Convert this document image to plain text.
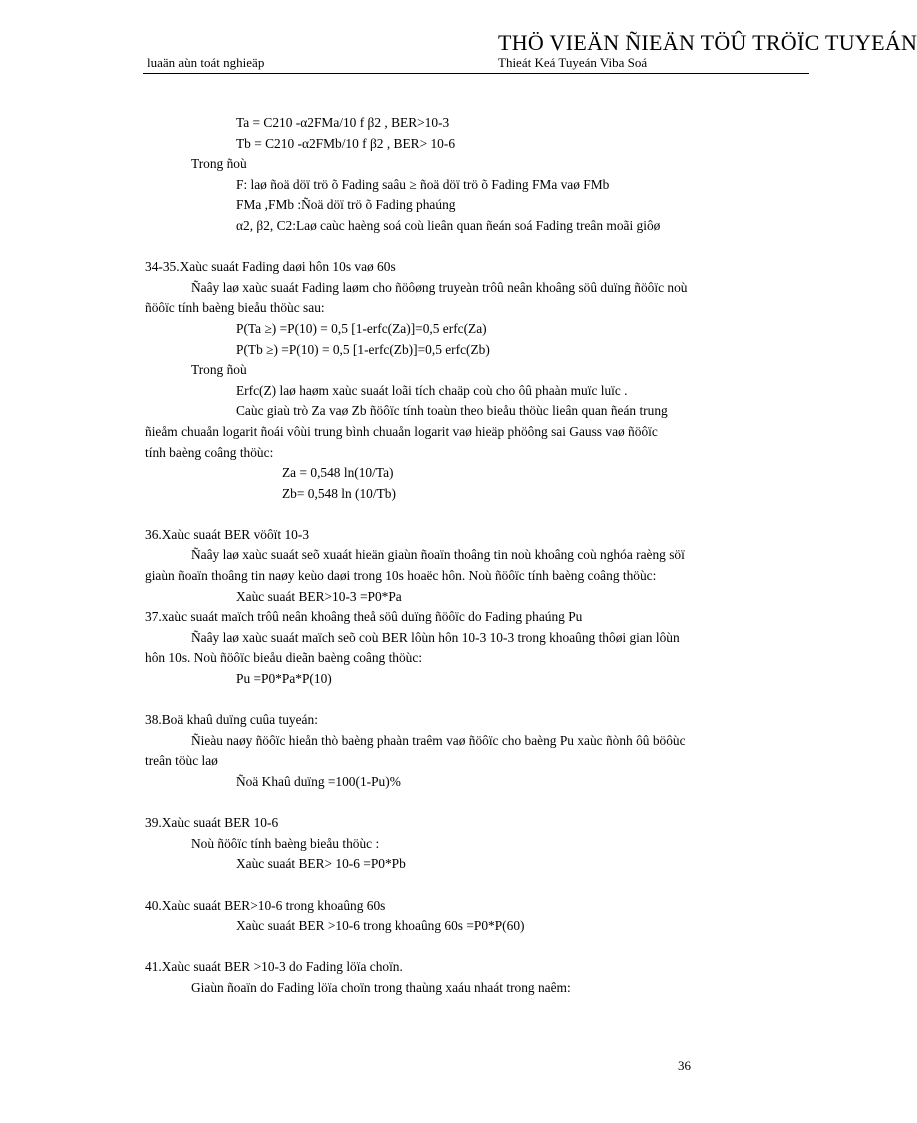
THÖ VIEÄN ÑIEÄN TÖÛ TRÖÏC TUYEÁN
luaän aùn toát nghieäp	Thieát Keá Tuyeán Viba Soá
Ta = C210 -α2FMa/10 f β2 , BER>10-3
Tb = C210 -α2FMb/10 f β2 , BER> 10-6
Trong ñoù
F: laø ñoä döï trö õ Fading saâu ≥ ñoä döï trö õ Fading FMa vaø FMb
FMa ,FMb :Ñoä döï trö õ Fading phaúng
α2, β2, C2:Laø caùc haèng soá coù lieân quan ñeán soá Fading treân moãi giôø
34-35.Xaùc suaát Fading daøi hôn 10s vaø 60s
Ñaây laø xaùc suaát Fading laøm cho ñöôøng truyeàn trôû neân khoâng söû duïng ñöôïc noù
ñöôïc tính baèng bieåu thöùc sau:
P(Ta ≥) =P(10) = 0,5 [1-erfc(Za)]=0,5 erfc(Za)
P(Tb ≥) =P(10) = 0,5 [1-erfc(Zb)]=0,5 erfc(Zb)
Trong ñoù
Erfc(Z) laø haøm xaùc suaát loãi tích chaäp coù cho ôû phaàn muïc luïc .
Caùc giaù trò Za vaø Zb ñöôïc tính toaùn theo bieåu thöùc lieân quan ñeán trung
ñieåm chuaån logarit ñoái vôùi trung bình chuaån logarit vaø hieäp phöông sai Gauss vaø ñöôïc
tính baèng coâng thöùc:
Za = 0,548 ln(10/Ta)
Zb= 0,548 ln (10/Tb)
36.Xaùc suaát BER vöôït 10-3
Ñaây laø xaùc suaát seõ xuaát hieän giaùn ñoaïn thoâng tin noù khoâng coù nghóa raèng söï
giaùn ñoaïn thoâng tin naøy keùo daøi trong 10s hoaëc hôn. Noù ñöôïc tính baèng coâng thöùc:
Xaùc suaát BER>10-3 =P0*Pa
37.xaùc suaát maïch trôû neân khoâng theå söû duïng ñöôïc do Fading phaúng Pu
Ñaây laø xaùc suaát maïch seõ coù BER lôùn hôn 10-3 10-3 trong khoaûng thôøi gian lôùn
hôn 10s. Noù ñöôïc bieåu dieãn baèng coâng thöùc:
Pu =P0*Pa*P(10)
38.Boä khaû duïng cuûa tuyeán:
Ñieàu naøy ñöôïc hieån thò baèng phaàn traêm vaø ñöôïc cho baèng Pu xaùc ñònh ôû böôùc
treân töùc laø
Ñoä Khaû duïng =100(1-Pu)%
39.Xaùc suaát BER 10-6
Noù ñöôïc tính baèng bieåu thöùc :
Xaùc suaát BER> 10-6 =P0*Pb
40.Xaùc suaát BER>10-6 trong khoaûng 60s
Xaùc suaát BER >10-6 trong khoaûng 60s =P0*P(60)
41.Xaùc suaát BER >10-3 do Fading löïa choïn.
Giaùn ñoaïn do Fading löïa choïn trong thaùng xaáu nhaát trong naêm:
36
